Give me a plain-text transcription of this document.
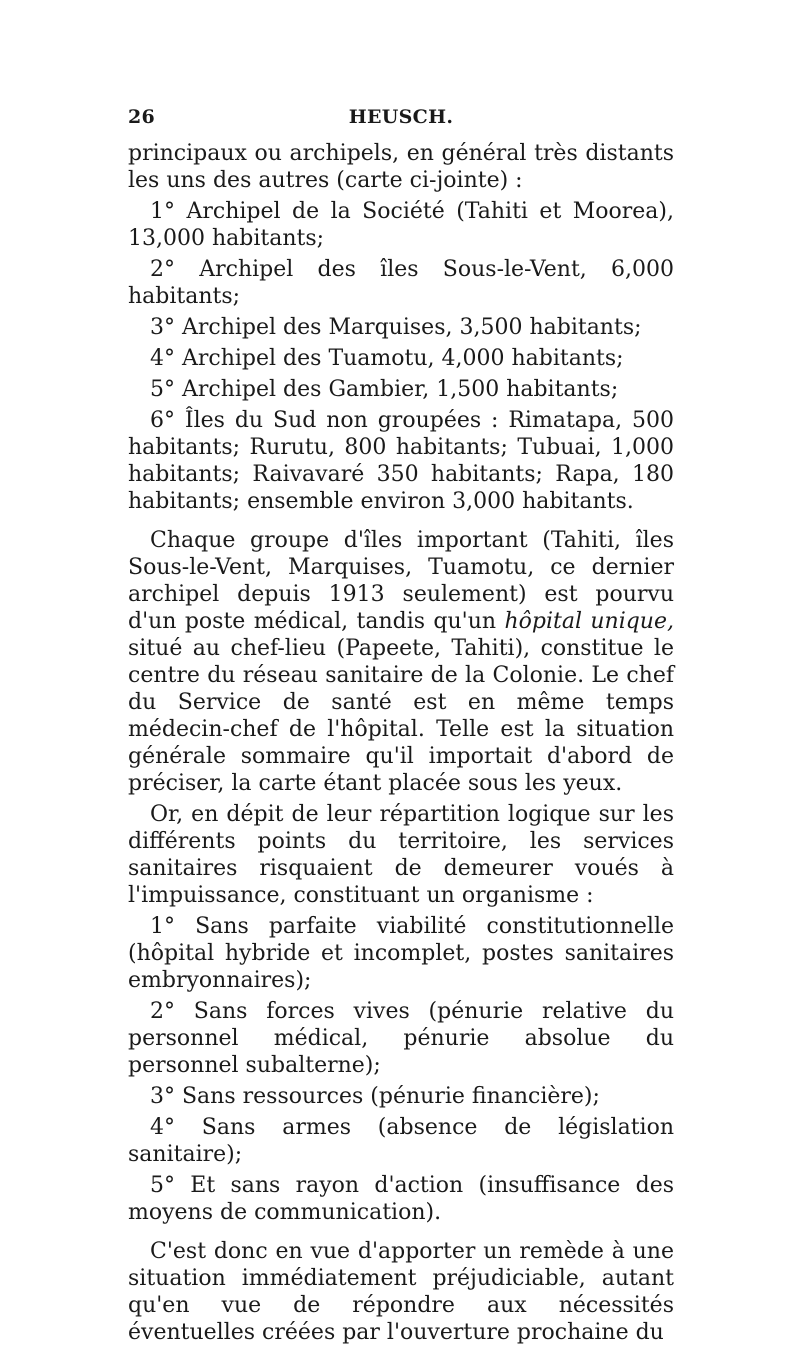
26	HEUSCH.

principaux ou archipels, en général très distants les uns des autres (carte ci-jointe) :

1° Archipel de la Société (Tahiti et Moorea), 13,000 habitants;

2° Archipel des îles Sous-le-Vent, 6,000 habitants;

3° Archipel des Marquises, 3,500 habitants;

4° Archipel des Tuamotu, 4,000 habitants;

5° Archipel des Gambier, 1,500 habitants;

6° Îles du Sud non groupées : Rimatapa, 500 habitants; Rurutu, 800 habitants; Tubuai, 1,000 habitants; Raivavaré 350 habitants; Rapa, 180 habitants; ensemble environ 3,000 habitants.

Chaque groupe d'îles important (Tahiti, îles Sous-le-Vent, Marquises, Tuamotu, ce dernier archipel depuis 1913 seulement) est pourvu d'un poste médical, tandis qu'un hôpital unique, situé au chef-lieu (Papeete, Tahiti), constitue le centre du réseau sanitaire de la Colonie. Le chef du Service de santé est en même temps médecin-chef de l'hôpital. Telle est la situation générale sommaire qu'il importait d'abord de préciser, la carte étant placée sous les yeux.

Or, en dépit de leur répartition logique sur les différents points du territoire, les services sanitaires risquaient de demeurer voués à l'impuissance, constituant un organisme :

1° Sans parfaite viabilité constitutionnelle (hôpital hybride et incomplet, postes sanitaires embryonnaires);

2° Sans forces vives (pénurie relative du personnel médical, pénurie absolue du personnel subalterne);

3° Sans ressources (pénurie financière);

4° Sans armes (absence de législation sanitaire);

5° Et sans rayon d'action (insuffisance des moyens de communication).

C'est donc en vue d'apporter un remède à une situation immédiatement préjudiciable, autant qu'en vue de répondre aux nécessités éventuelles créées par l'ouverture prochaine du
